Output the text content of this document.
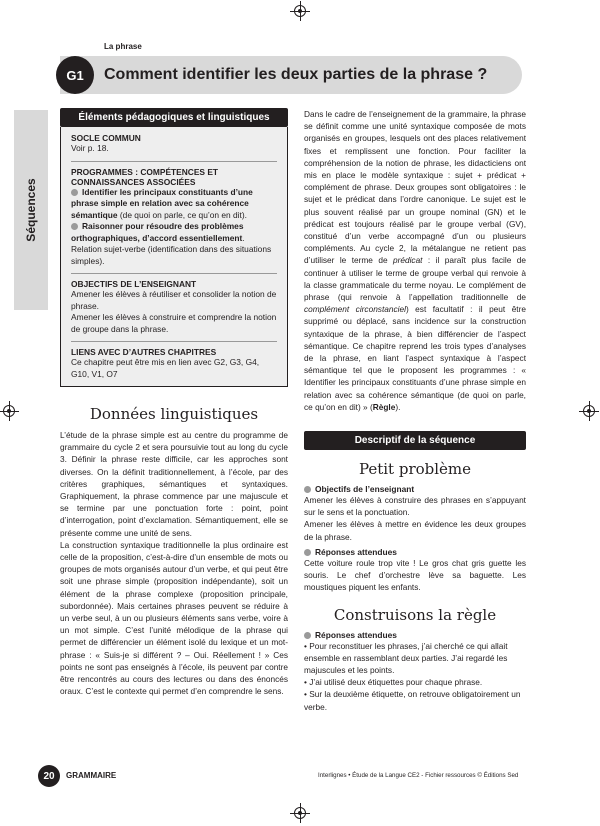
Séquences
La phrase
G1	Comment identifier les deux parties de la phrase ?
Éléments pédagogiques et linguistiques
SOCLE COMMUN

Voir p. 18.

PROGRAMMES : COMPÉTENCES ET CONNAISSANCES ASSOCIÉES

Identifier les principaux constituants d’une phrase simple en relation avec sa cohérence sémantique (de quoi on parle, ce qu’on en dit).

Raisonner pour résoudre des problèmes orthographiques, d’accord essentiellement.

Relation sujet-verbe (identification dans des situations simples).

OBJECTIFS DE L’ENSEIGNANT

Amener les élèves à réutiliser et consolider la notion de phrase.

Amener les élèves à construire et comprendre la notion de groupe dans la phrase.

LIENS AVEC D’AUTRES CHAPITRES

Ce chapitre peut être mis en lien avec G2, G3, G4, G10, V1, O7

Données linguistiques

L’étude de la phrase simple est au centre du programme de grammaire du cycle 2 et sera poursuivie tout au long du cycle 3. Définir la phrase reste difficile, car les approches sont diverses. On la définit traditionnellement, à l’école, par des critères graphiques, sémantiques et syntaxiques. Graphiquement, la phrase commence par une majuscule et se termine par une ponctuation forte : point, point d’interrogation, point d’exclamation. Sémantiquement, elle se présente comme une unité de sens.

La construction syntaxique traditionnelle la plus ordinaire est celle de la proposition, c’est-à-dire d’un ensemble de mots ou groupes de mots organisés autour d’un verbe, et qui peut être soit une phrase simple (proposition indépendante), soit un élément de la phrase complexe (proposition principale, subordonnée). Mais certaines phrases peuvent se réduire à un verbe seul, à un ou plusieurs éléments sans verbe, voire à un mot simple. C’est l’unité mélodique de la phrase qui permet de différencier un élément isolé du lexique et un mot-phrase : « Suis-je si différent ? – Oui. Réellement ! » Ces points ne sont pas enseignés à l’école, ils peuvent par contre être rencontrés au cours des lectures ou dans des énoncés oraux. C’est le contexte qui permet d’en comprendre le sens.

Dans le cadre de l’enseignement de la grammaire, la phrase se définit comme une unité syntaxique composée de mots organisés en groupes, lesquels ont des places relativement fixes et remplissent une fonction. Pour faciliter la compréhension de la notion de phrase, les didacticiens ont mis en place le modèle syntaxique : sujet + prédicat + complément de phrase. Deux groupes sont obligatoires : le sujet et le prédicat dans l’ordre canonique. Le sujet est le plus souvent réalisé par un groupe nominal (GN) et le prédicat est toujours réalisé par le groupe verbal (GV), constitué d’un verbe accompagné d’un ou plusieurs compléments. Au cycle 2, la métalangue ne retient pas d’utiliser le terme de prédicat : il paraît plus facile de continuer à utiliser le terme de groupe verbal qui renvoie à la classe grammaticale du terme noyau. Le complément de phrase (qui renvoie à l’appellation traditionnelle de complément circonstanciel) est facultatif : il peut être supprimé ou déplacé, sans incidence sur la construction syntaxique de la phrase, à bien différencier de l’aspect sémantique. Ce chapitre reprend les trois types d’analyses de la phrase, en liant l’aspect syntaxique à l’aspect sémantique tel que le proposent les programmes : « Identifier les principaux constituants d’une phrase simple en relation avec sa cohérence sémantique (de quoi on parle, ce qu’on en dit) » (Règle).
Descriptif de la séquence
Petit problème
Objectifs de l’enseignant

Amener les élèves à construire des phrases en s’appuyant sur le sens et la ponctuation.

Amener les élèves à mettre en évidence les deux groupes de la phrase.

Réponses attendues
Cette voiture roule trop vite ! Le gros chat gris guette les souris. Le chef d’orchestre lève sa baguette. Les moustiques piquent les enfants.
Construisons la règle
Réponses attendues

• Pour reconstituer les phrases, j’ai cherché ce qui allait ensemble en rassemblant deux parties. J’ai regardé les majuscules et les points.

• J’ai utilisé deux étiquettes pour chaque phrase.

• Sur la deuxième étiquette, on retrouve obligatoirement un verbe.

20	GRAMMAIRE	Interlignes • Étude de la Langue CE2 - Fichier ressources © Éditions Sed
